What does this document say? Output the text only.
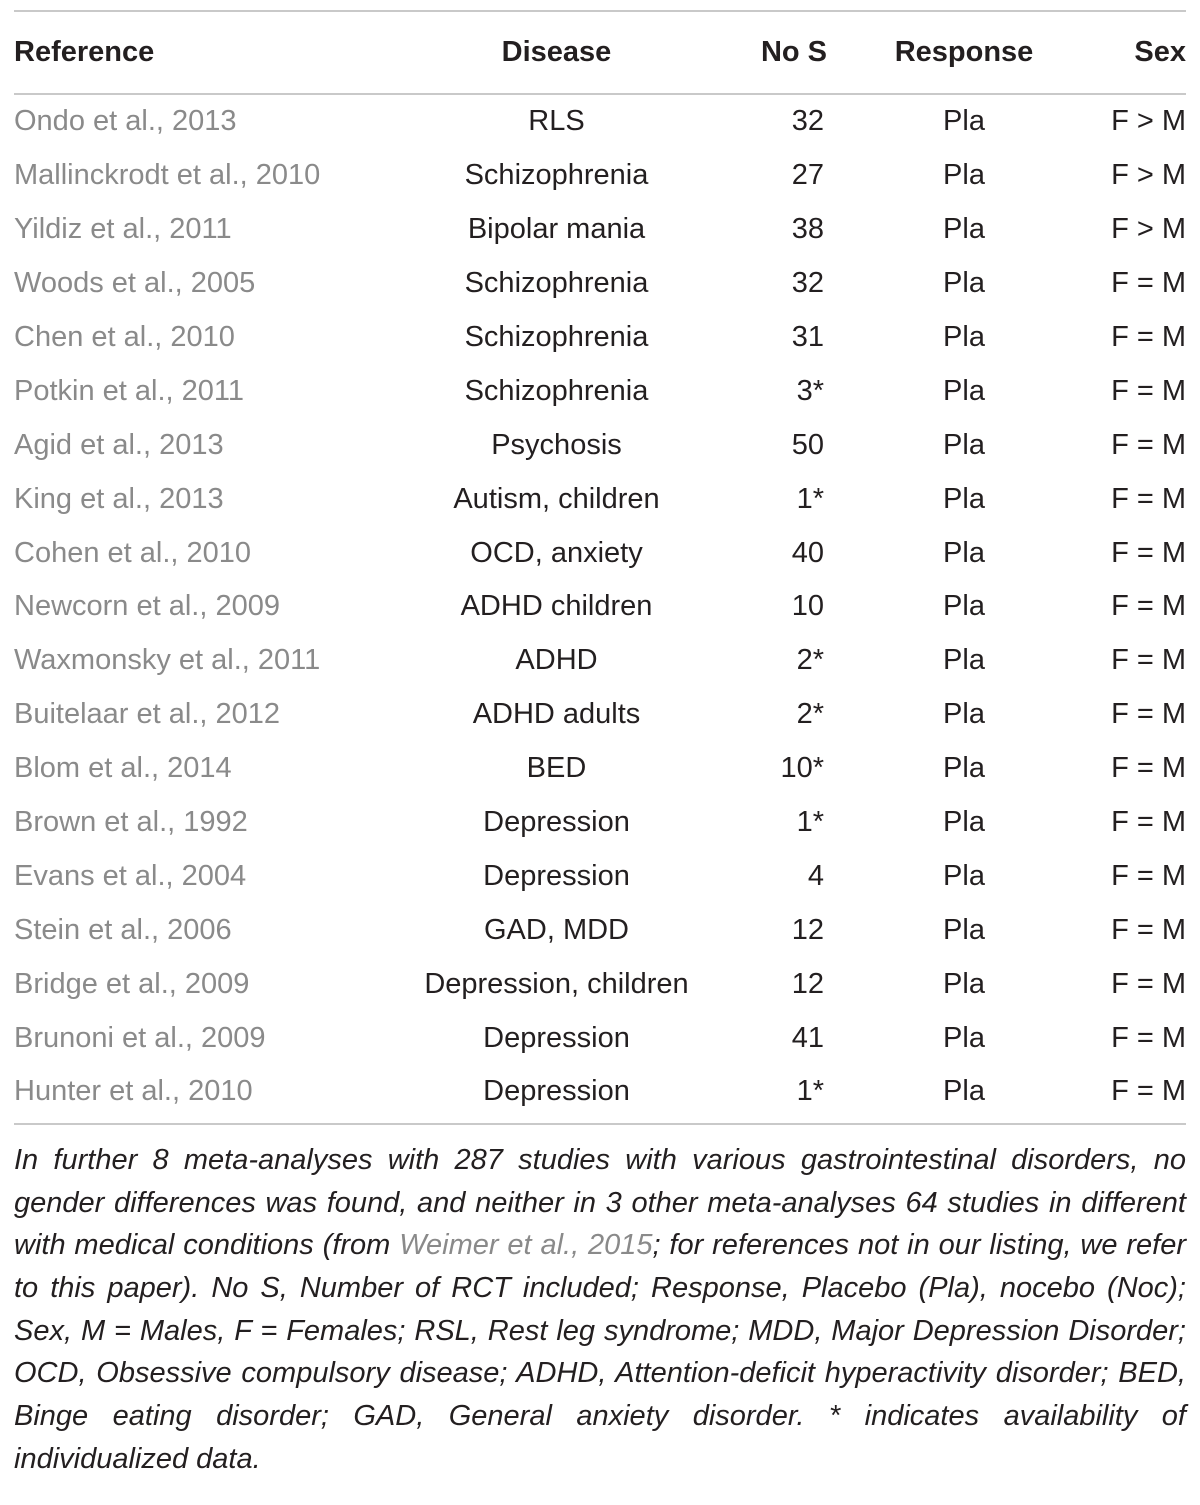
Reference	Disease	No S	Response	Sex

Ondo et al., 2013	RLS	32	Pla	F > M
Mallinckrodt et al., 2010	Schizophrenia	27	Pla	F > M
Yildiz et al., 2011	Bipolar mania	38	Pla	F > M
Woods et al., 2005	Schizophrenia	32	Pla	F = M
Chen et al., 2010	Schizophrenia	31	Pla	F = M
Potkin et al., 2011	Schizophrenia	3*	Pla	F = M
Agid et al., 2013	Psychosis	50	Pla	F = M
King et al., 2013	Autism, children	1*	Pla	F = M
Cohen et al., 2010	OCD, anxiety	40	Pla	F = M
Newcorn et al., 2009	ADHD children	10	Pla	F = M
Waxmonsky et al., 2011	ADHD	2*	Pla	F = M
Buitelaar et al., 2012	ADHD adults	2*	Pla	F = M
Blom et al., 2014	BED	10*	Pla	F = M
Brown et al., 1992	Depression	1*	Pla	F = M
Evans et al., 2004	Depression	4	Pla	F = M
Stein et al., 2006	GAD, MDD	12	Pla	F = M
Bridge et al., 2009	Depression, children	12	Pla	F = M
Brunoni et al., 2009	Depression	41	Pla	F = M
Hunter et al., 2010	Depression	1*	Pla	F = M
In further 8 meta-analyses with 287 studies with various gastrointestinal disorders, no gender differences was found, and neither in 3 other meta-analyses 64 studies in different with medical conditions (from Weimer et al., 2015; for references not in our listing, we refer to this paper). No S, Number of RCT included; Response, Placebo (Pla), nocebo (Noc); Sex, M = Males, F = Females; RSL, Rest leg syndrome; MDD, Major Depression Disorder; OCD, Obsessive compulsory disease; ADHD, Attention-deficit hyperactivity disorder; BED, Binge eating disorder; GAD, General anxiety disorder. * indicates availability of individualized data.
